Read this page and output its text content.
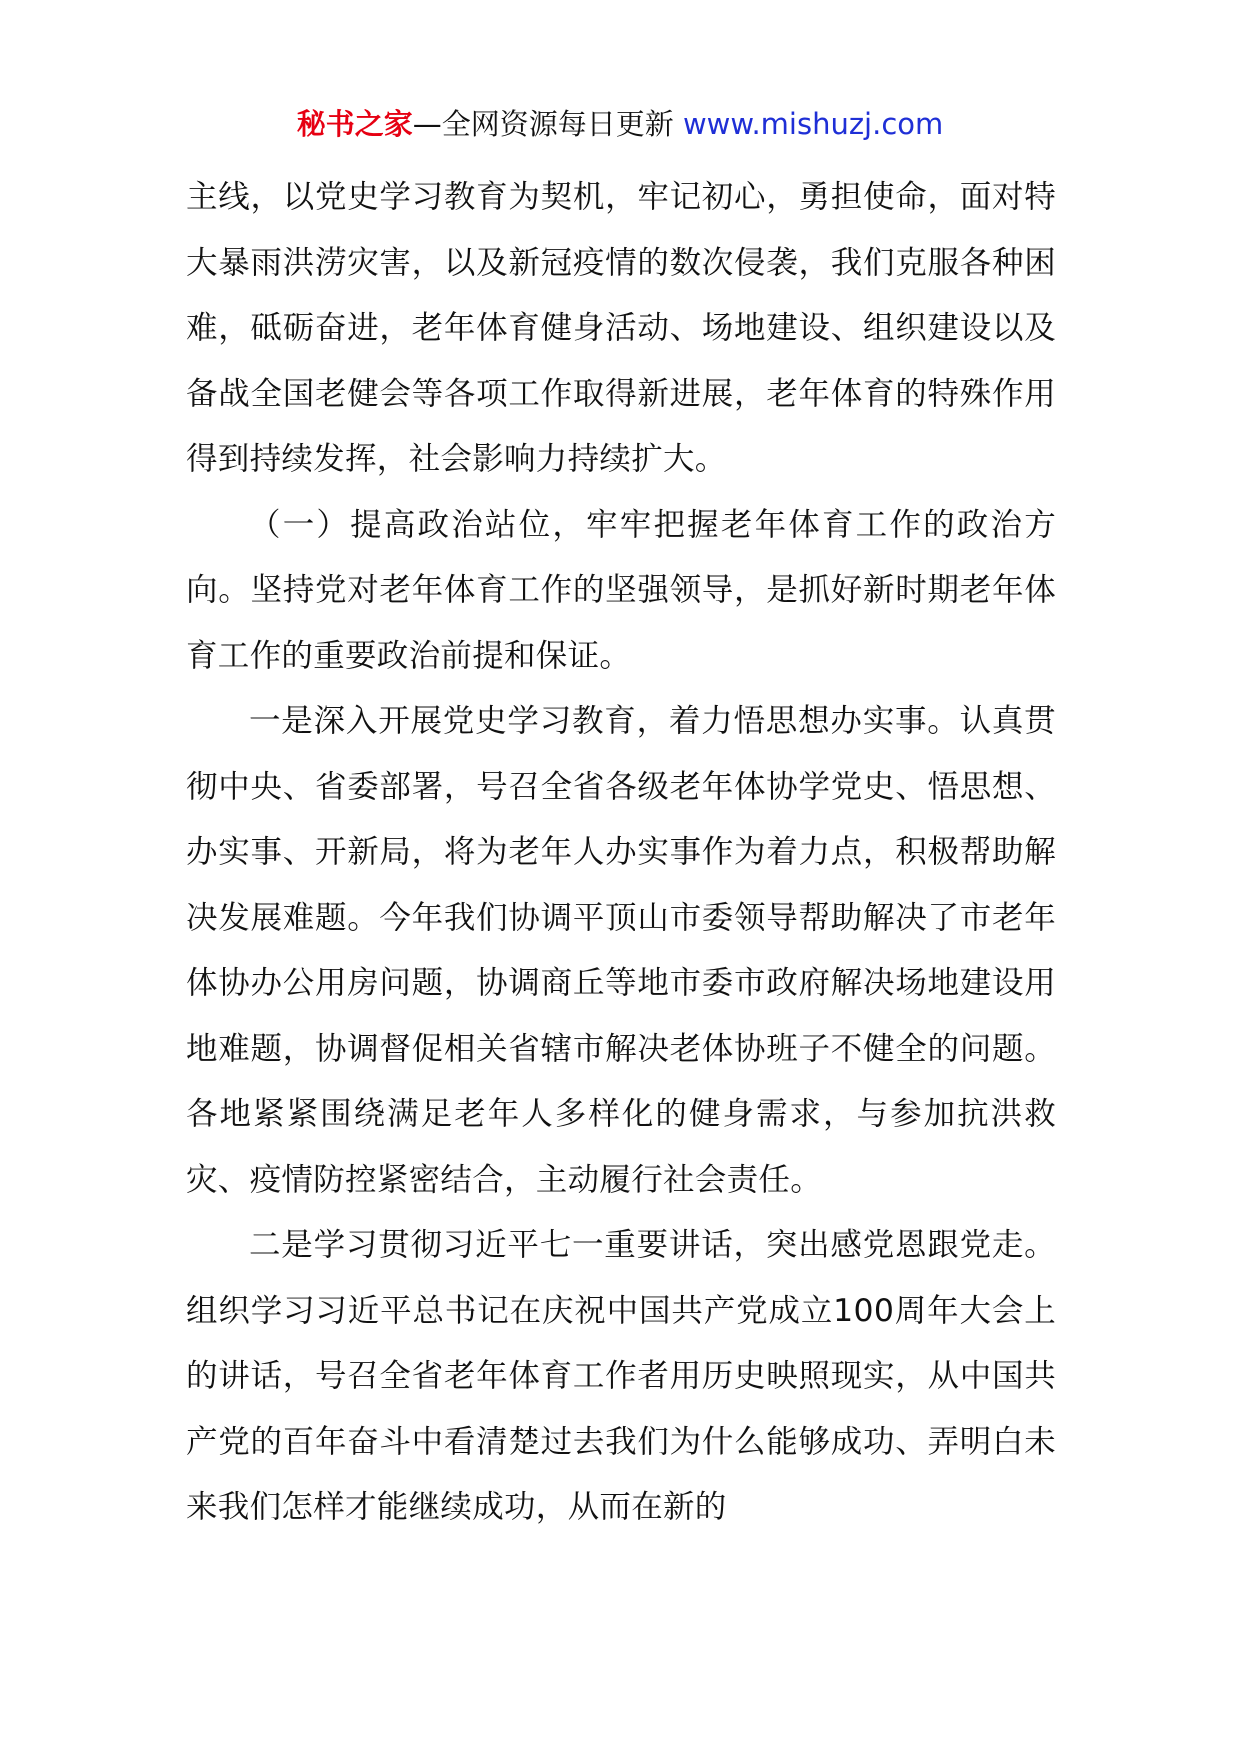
秘书之家—全网资源每日更新 www.mishuzj.com

主线，以党史学习教育为契机，牢记初心，勇担使命，面对特大暴雨洪涝灾害，以及新冠疫情的数次侵袭，我们克服各种困难，砥砺奋进，老年体育健身活动、场地建设、组织建设以及备战全国老健会等各项工作取得新进展，老年体育的特殊作用得到持续发挥，社会影响力持续扩大。

（一）提高政治站位，牢牢把握老年体育工作的政治方向。坚持党对老年体育工作的坚强领导，是抓好新时期老年体育工作的重要政治前提和保证。

一是深入开展党史学习教育，着力悟思想办实事。认真贯彻中央、省委部署，号召全省各级老年体协学党史、悟思想、办实事、开新局，将为老年人办实事作为着力点，积极帮助解决发展难题。今年我们协调平顶山市委领导帮助解决了市老年体协办公用房问题，协调商丘等地市委市政府解决场地建设用地难题，协调督促相关省辖市解决老体协班子不健全的问题。各地紧紧围绕满足老年人多样化的健身需求，与参加抗洪救灾、疫情防控紧密结合，主动履行社会责任。

二是学习贯彻习近平七一重要讲话，突出感党恩跟党走。组织学习习近平总书记在庆祝中国共产党成立100周年大会上的讲话，号召全省老年体育工作者用历史映照现实，从中国共产党的百年奋斗中看清楚过去我们为什么能够成功、弄明白未来我们怎样才能继续成功，从而在新的
